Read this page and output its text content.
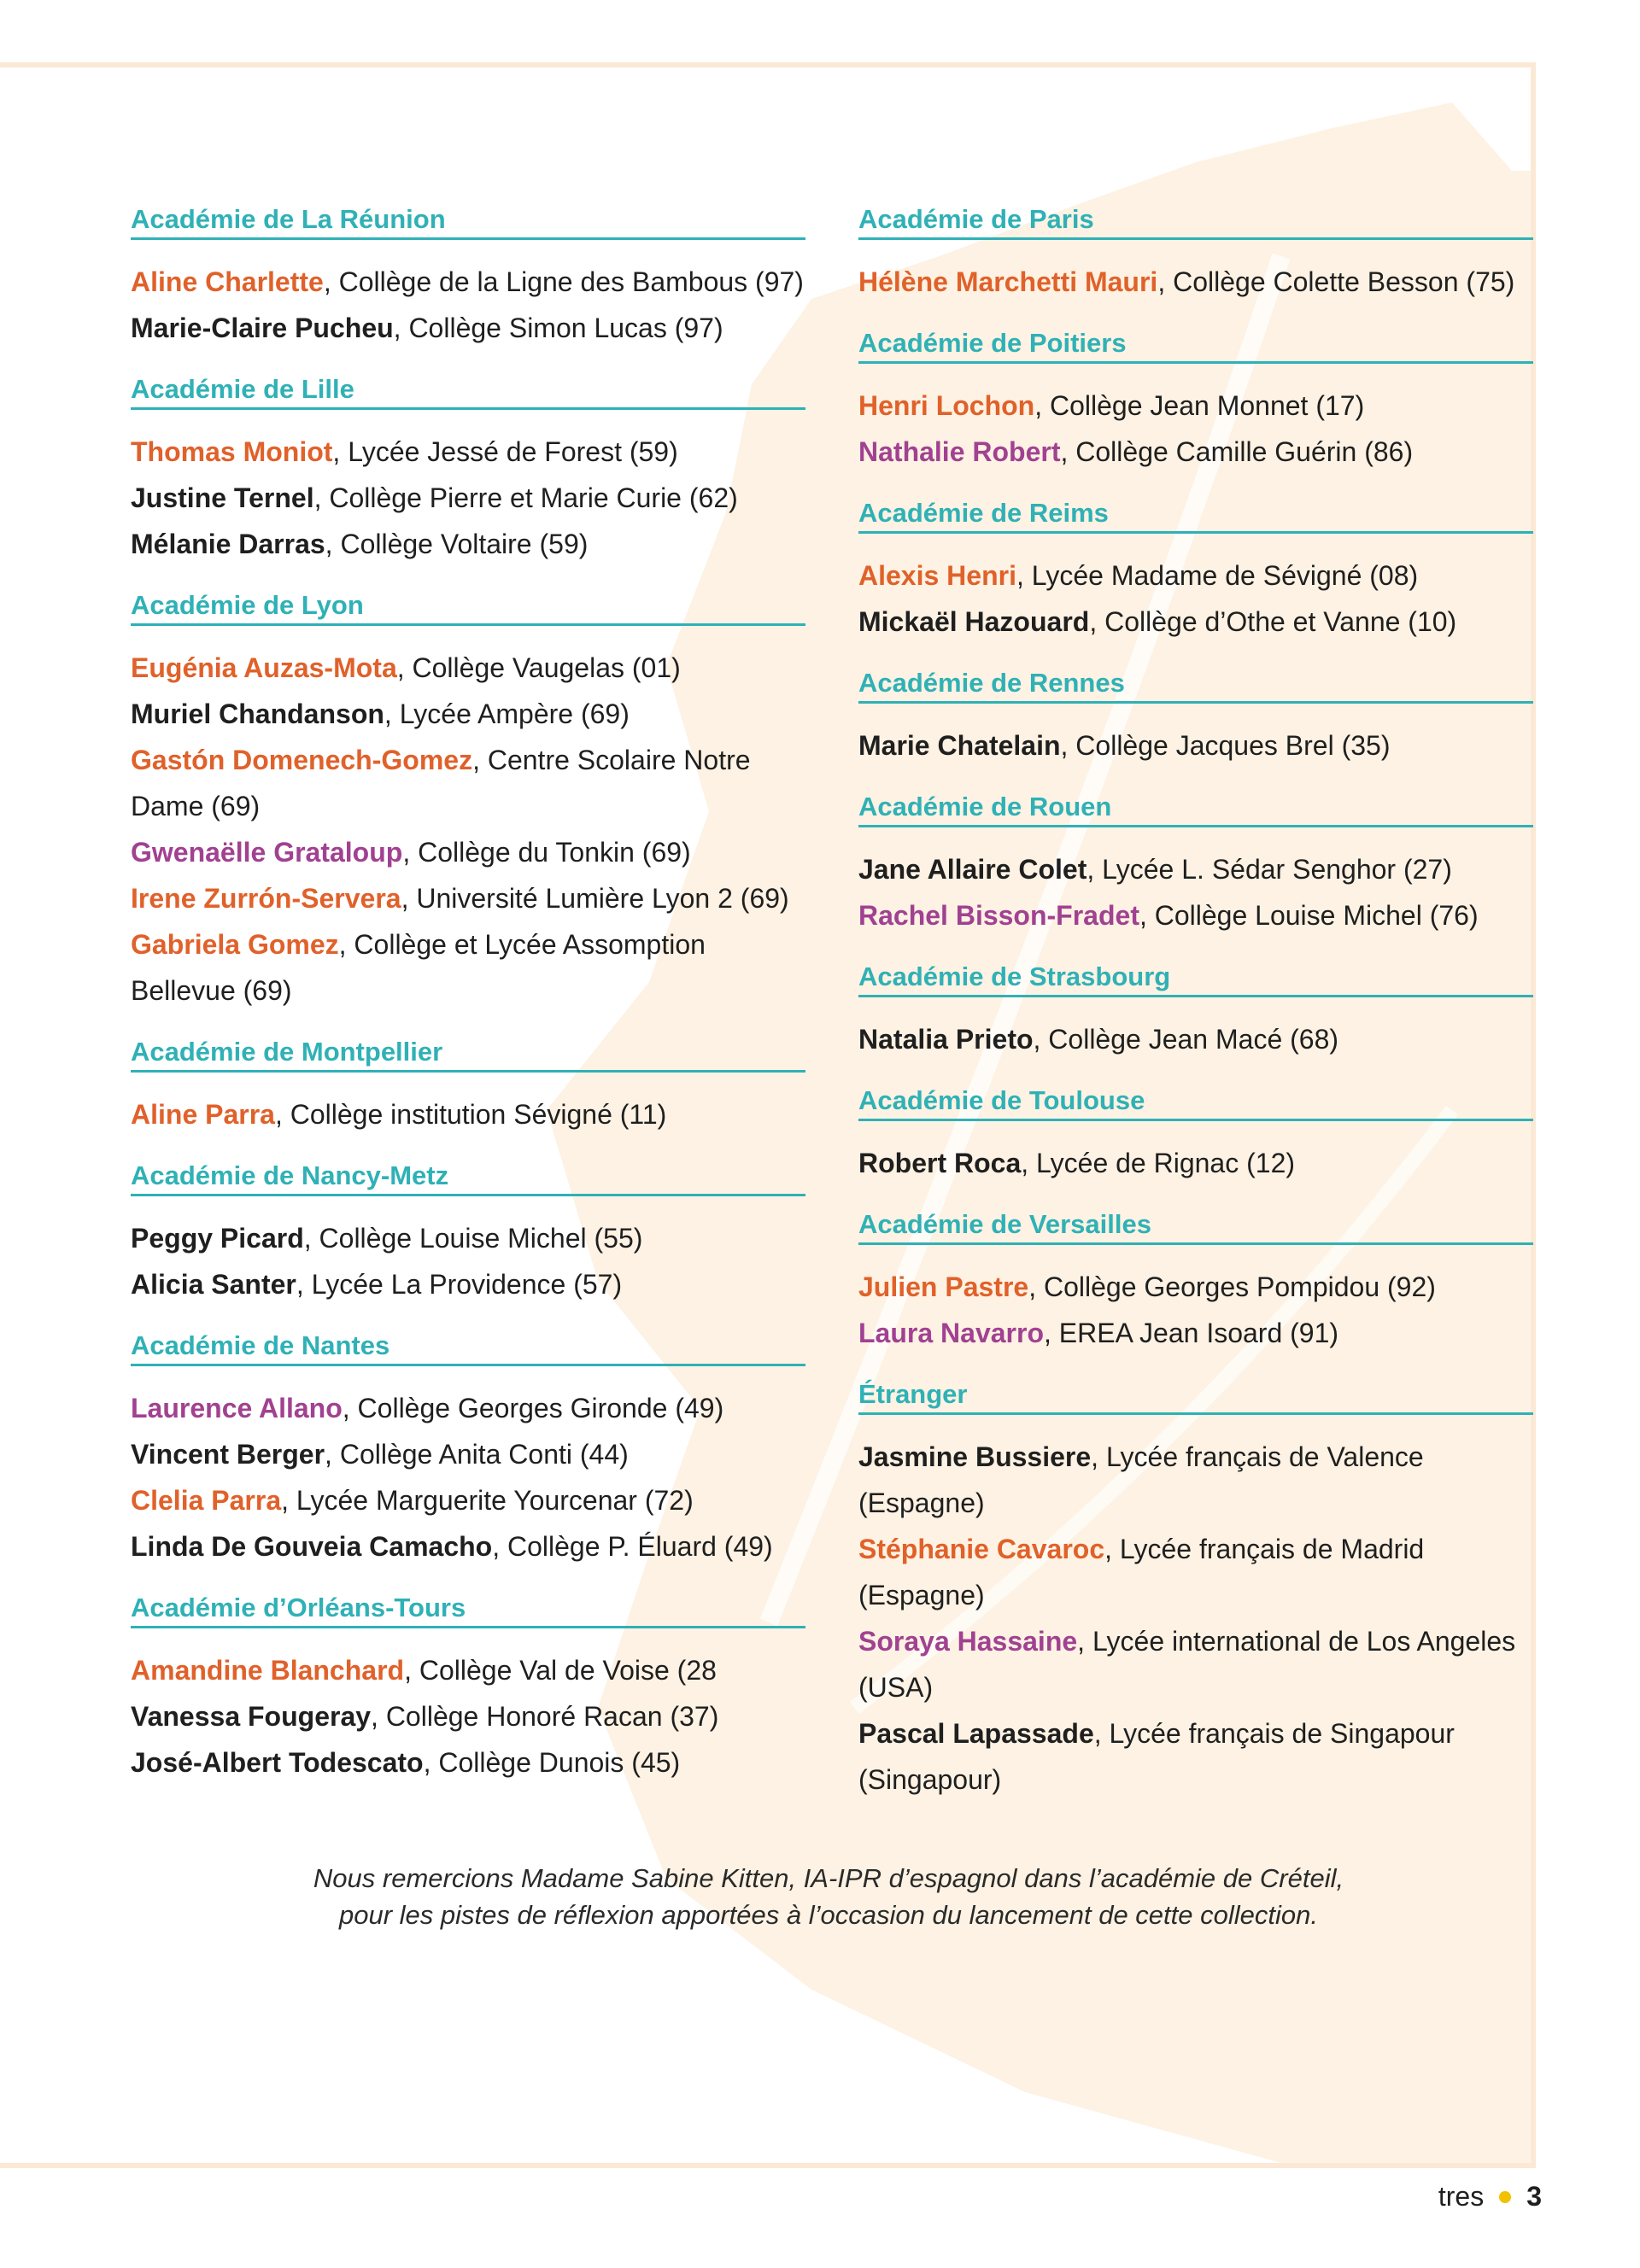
Académie de La Réunion
Aline Charlette, Collège de la Ligne des Bambous (97)
Marie-Claire Pucheu, Collège Simon Lucas (97)
Académie de Lille
Thomas Moniot, Lycée Jessé de Forest (59)
Justine Ternel, Collège Pierre et Marie Curie (62)
Mélanie Darras, Collège Voltaire (59)
Académie de Lyon
Eugénia Auzas-Mota, Collège Vaugelas (01)
Muriel Chandanson, Lycée Ampère (69)
Gastón Domenech-Gomez, Centre Scolaire Notre Dame (69)
Gwenaëlle Grataloup, Collège du Tonkin (69)
Irene Zurrón-Servera, Université Lumière Lyon 2 (69)
Gabriela Gomez, Collège et Lycée Assomption Bellevue (69)
Académie de Montpellier
Aline Parra, Collège institution Sévigné (11)
Académie de Nancy-Metz
Peggy Picard, Collège Louise Michel (55)
Alicia Santer, Lycée La Providence (57)
Académie de Nantes
Laurence Allano, Collège Georges Gironde (49)
Vincent Berger, Collège Anita Conti (44)
Clelia Parra, Lycée Marguerite Yourcenar (72)
Linda De Gouveia Camacho, Collège P. Éluard (49)
Académie d’Orléans-Tours
Amandine Blanchard, Collège Val de Voise (28
Vanessa Fougeray, Collège Honoré Racan (37)
José-Albert Todescato, Collège Dunois (45)
Académie de Paris
Hélène Marchetti Mauri, Collège Colette Besson (75)
Académie de Poitiers
Henri Lochon, Collège Jean Monnet (17)
Nathalie Robert, Collège Camille Guérin (86)
Académie de Reims
Alexis Henri, Lycée Madame de Sévigné (08)
Mickaël Hazouard, Collège d’Othe et Vanne (10)
Académie de Rennes
Marie Chatelain, Collège Jacques Brel (35)
Académie de Rouen
Jane Allaire Colet, Lycée L. Sédar Senghor (27)
Rachel Bisson-Fradet, Collège Louise Michel (76)
Académie de Strasbourg
Natalia Prieto, Collège Jean Macé (68)
Académie de Toulouse
Robert Roca, Lycée de Rignac (12)
Académie de Versailles
Julien Pastre, Collège Georges Pompidou (92)
Laura Navarro, EREA Jean Isoard (91)
Étranger
Jasmine Bussiere, Lycée français de Valence (Espagne)
Stéphanie Cavaroc, Lycée français de Madrid (Espagne)
Soraya Hassaine, Lycée international de Los Angeles (USA)
Pascal Lapassade, Lycée français de Singapour (Singapour)
Nous remercions Madame Sabine Kitten, IA-IPR d’espagnol dans l’académie de Créteil,
pour les pistes de réflexion apportées à l’occasion du lancement de cette collection.
tres 3
